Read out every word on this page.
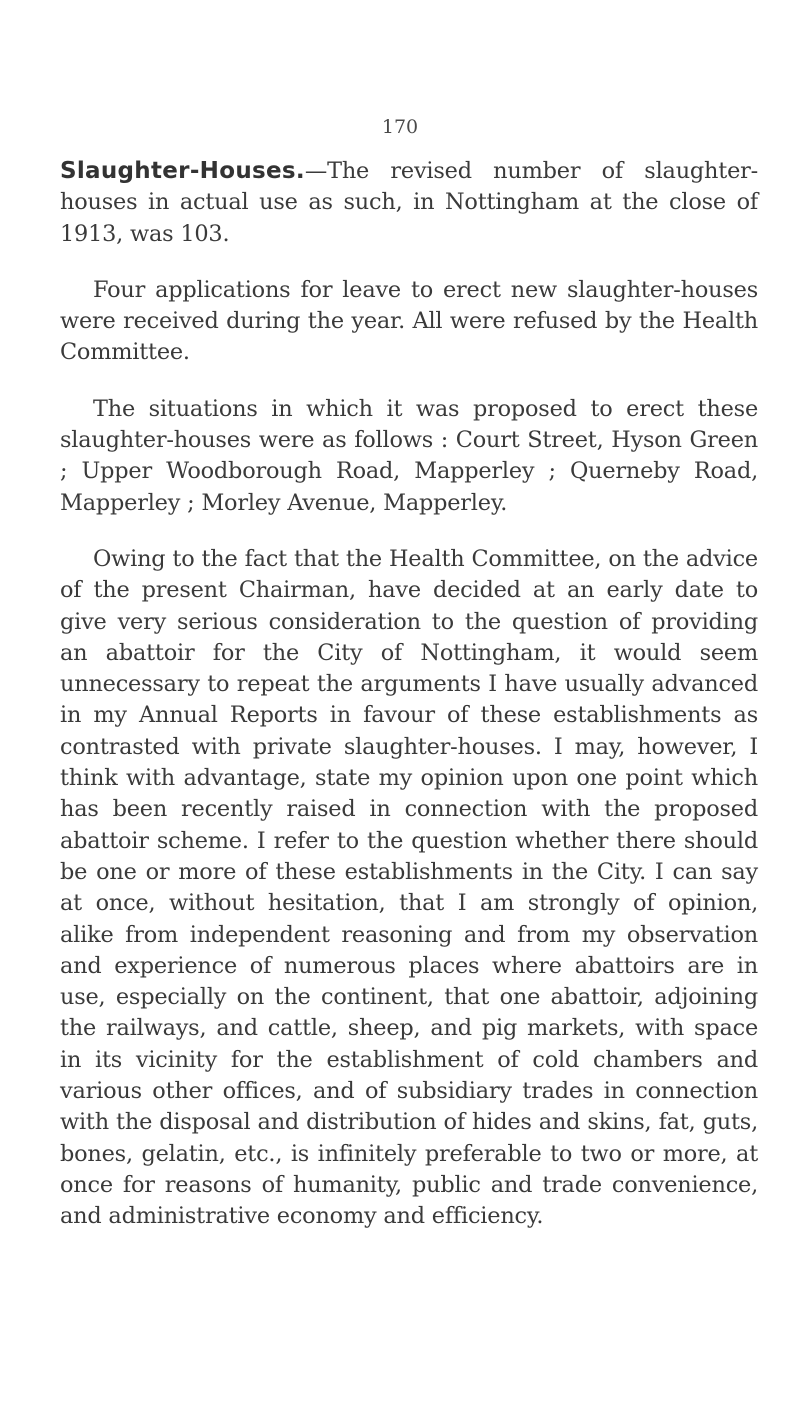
170

Slaughter-Houses.—The revised number of slaughter-houses in actual use as such, in Nottingham at the close of 1913, was 103.

Four applications for leave to erect new slaughter-houses were received during the year. All were refused by the Health Committee.

The situations in which it was proposed to erect these slaughter-houses were as follows : Court Street, Hyson Green ; Upper Woodborough Road, Mapperley ; Querneby Road, Mapperley ; Morley Avenue, Mapperley.

Owing to the fact that the Health Committee, on the advice of the present Chairman, have decided at an early date to give very serious consideration to the question of providing an abattoir for the City of Nottingham, it would seem unnecessary to repeat the arguments I have usually advanced in my Annual Reports in favour of these establishments as contrasted with private slaughter-houses. I may, however, I think with advantage, state my opinion upon one point which has been recently raised in connection with the proposed abattoir scheme. I refer to the question whether there should be one or more of these establishments in the City. I can say at once, without hesitation, that I am strongly of opinion, alike from independent reasoning and from my observation and experience of numerous places where abattoirs are in use, especially on the continent, that one abattoir, adjoining the railways, and cattle, sheep, and pig markets, with space in its vicinity for the establishment of cold chambers and various other offices, and of subsidiary trades in connection with the disposal and distribution of hides and skins, fat, guts, bones, gelatin, etc., is infinitely preferable to two or more, at once for reasons of humanity, public and trade convenience, and administrative economy and efficiency.
